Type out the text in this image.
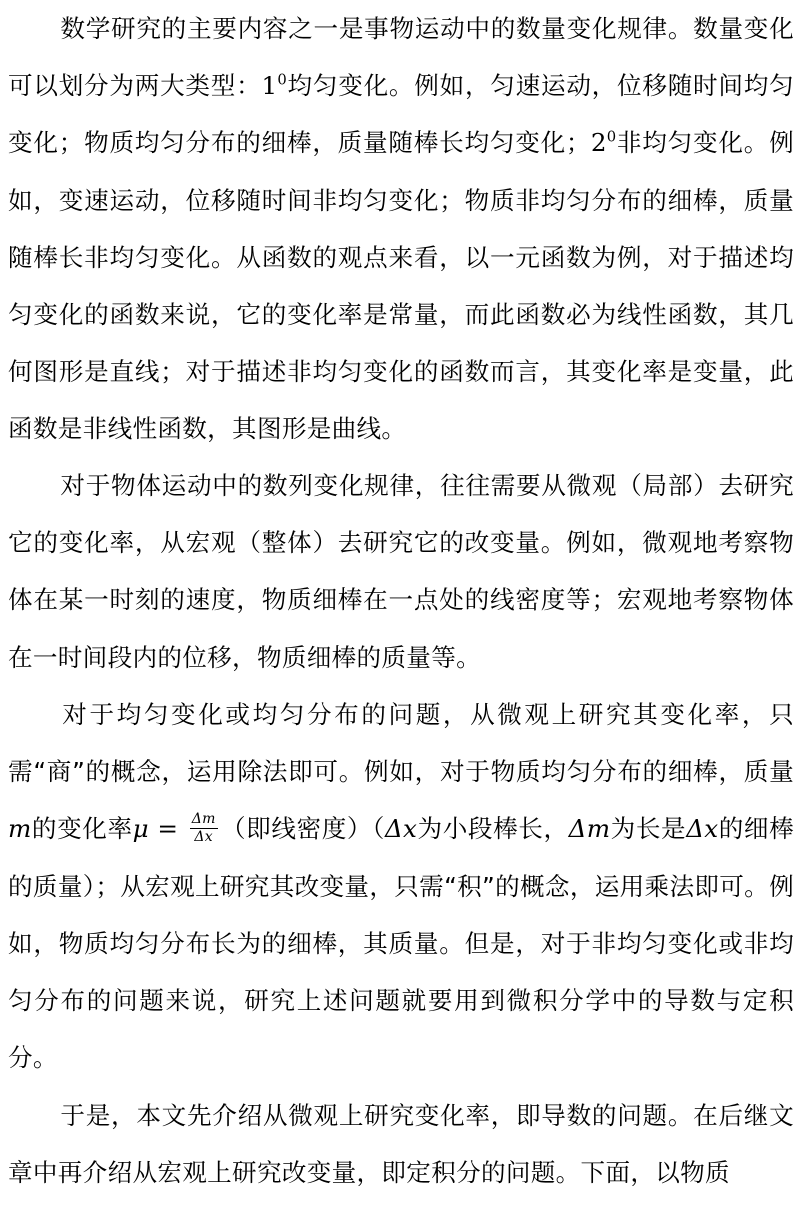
数学研究的主要内容之一是事物运动中的数量变化规律。数量变化可以划分为两大类型：$1^0$均匀变化。例如，匀速运动，位移随时间均匀变化；物质均匀分布的细棒，质量随棒长均匀变化；$2^0$非均匀变化。例如，变速运动，位移随时间非均匀变化；物质非均匀分布的细棒，质量随棒长非均匀变化。从函数的观点来看，以一元函数为例，对于描述均匀变化的函数来说，它的变化率是常量，而此函数必为线性函数，其几何图形是直线；对于描述非均匀变化的函数而言，其变化率是变量，此函数是非线性函数，其图形是曲线。

对于物体运动中的数列变化规律，往往需要从微观（局部）去研究它的变化率，从宏观（整体）去研究它的改变量。例如，微观地考察物体在某一时刻的速度，物质细棒在一点处的线密度等；宏观地考察物体在一时间段内的位移，物质细棒的质量等。

对于均匀变化或均匀分布的问题，从微观上研究其变化率，只需“商”的概念，运用除法即可。例如，对于物质均匀分布的细棒，质量m的变化率$\mu = \frac{\Delta m}{\Delta x}$ （即线密度）（Δx为小段棒长，Δm为长是Δx的细棒的质量）；从宏观上研究其改变量，只需“积”的概念，运用乘法即可。例如，物质均匀分布长为的细棒，其质量。但是，对于非均匀变化或非均匀分布的问题来说，研究上述问题就要用到微积分学中的导数与定积分。

于是，本文先介绍从微观上研究变化率，即导数的问题。在后继文章中再介绍从宏观上研究改变量，即定积分的问题。下面，以物质
